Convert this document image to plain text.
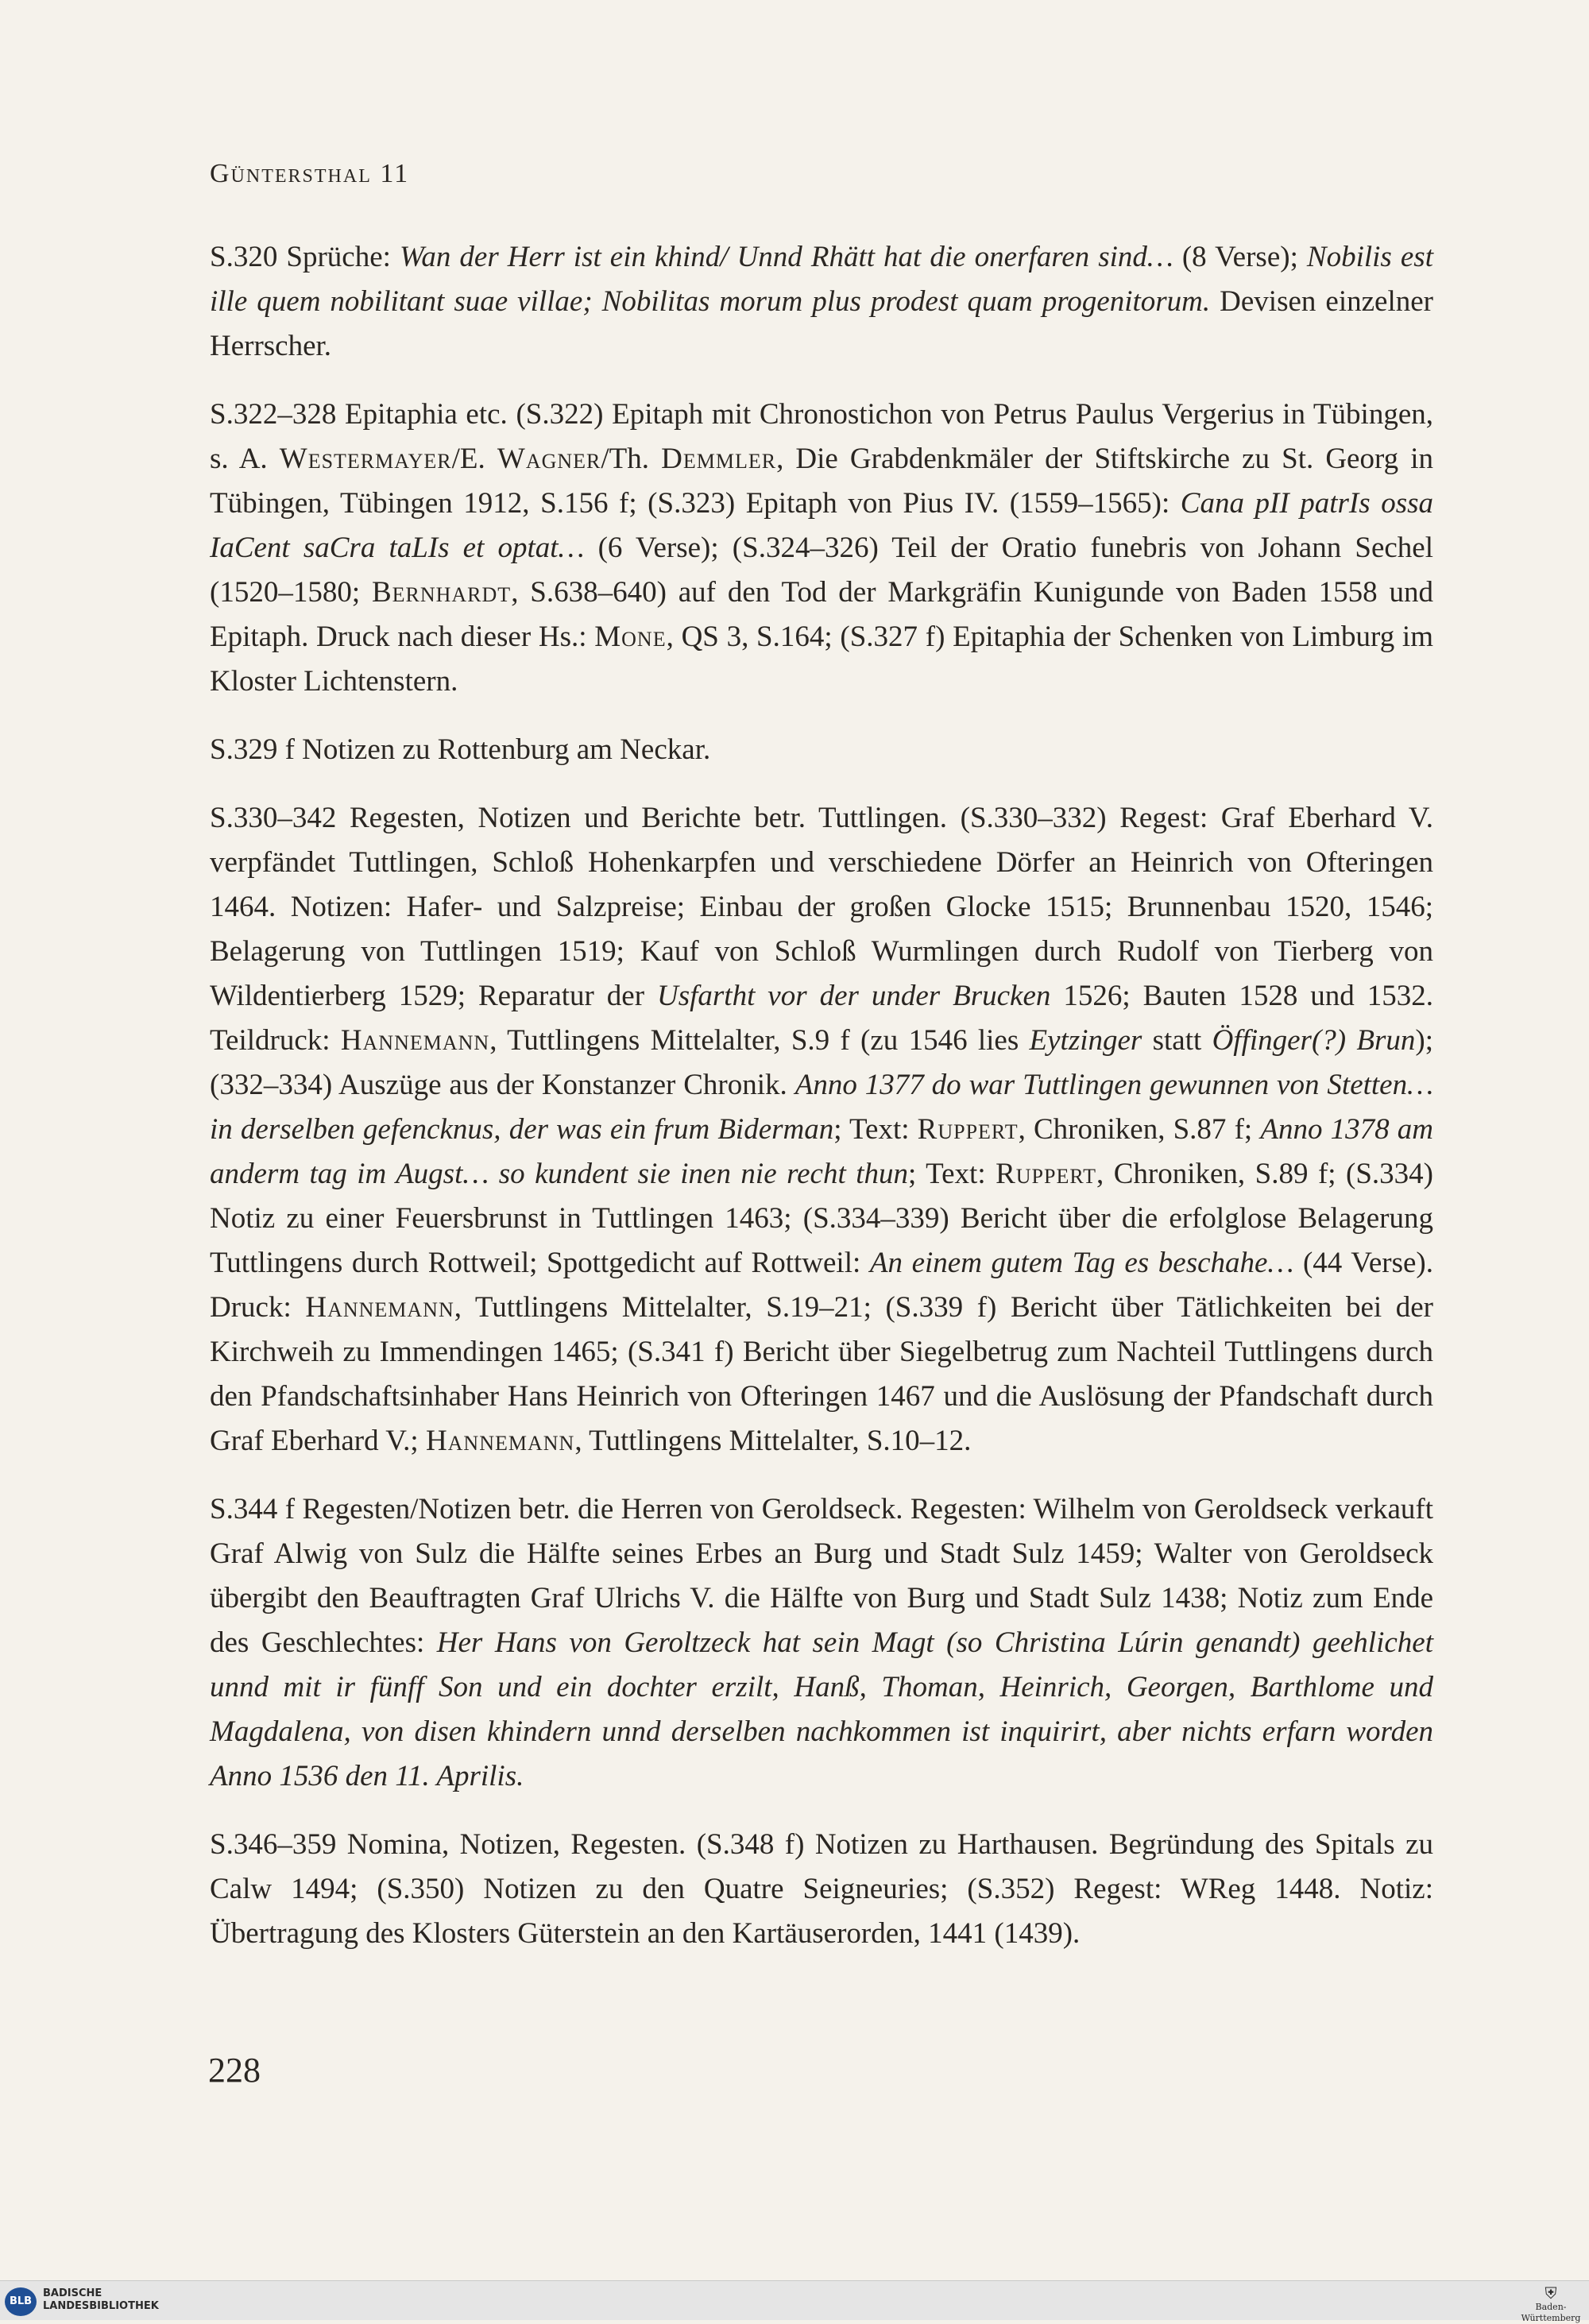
Güntersthal 11

S.320 Sprüche: Wan der Herr ist ein khind/ Unnd Rhätt hat die onerfaren sind… (8 Verse); Nobilis est ille quem nobilitant suae villae; Nobilitas morum plus prodest quam progenitorum. Devisen einzelner Herrscher.

S.322–328 Epitaphia etc. (S.322) Epitaph mit Chronostichon von Petrus Paulus Vergerius in Tübingen, s. A. Westermayer/E. Wagner/Th. Demmler, Die Grabdenkmäler der Stiftskirche zu St. Georg in Tübingen, Tübingen 1912, S.156 f; (S.323) Epitaph von Pius IV. (1559–1565): Cana pII patrIs ossa IaCent saCra taLIs et optat… (6 Verse); (S.324–326) Teil der Oratio funebris von Johann Sechel (1520–1580; Bernhardt, S.638–640) auf den Tod der Markgräfin Kunigunde von Baden 1558 und Epitaph. Druck nach dieser Hs.: Mone, QS 3, S.164; (S.327 f) Epitaphia der Schenken von Limburg im Kloster Lichtenstern.

S.329 f Notizen zu Rottenburg am Neckar.

S.330–342 Regesten, Notizen und Berichte betr. Tuttlingen. (S.330–332) Regest: Graf Eberhard V. verpfändet Tuttlingen, Schloß Hohenkarpfen und verschiedene Dörfer an Heinrich von Ofteringen 1464. Notizen: Hafer- und Salzpreise; Einbau der großen Glocke 1515; Brunnenbau 1520, 1546; Belagerung von Tuttlingen 1519; Kauf von Schloß Wurmlingen durch Rudolf von Tierberg von Wildentierberg 1529; Reparatur der Usfartht vor der under Brucken 1526; Bauten 1528 und 1532. Teildruck: Hannemann, Tuttlingens Mittelalter, S.9 f (zu 1546 lies Eytzinger statt Öffinger(?) Brun); (332–334) Auszüge aus der Konstanzer Chronik. Anno 1377 do war Tuttlingen gewunnen von Stetten… in derselben gefencknus, der was ein frum Biderman; Text: Ruppert, Chroniken, S.87 f; Anno 1378 am anderm tag im Augst… so kundent sie inen nie recht thun; Text: Ruppert, Chroniken, S.89 f; (S.334) Notiz zu einer Feuersbrunst in Tuttlingen 1463; (S.334–339) Bericht über die erfolglose Belagerung Tuttlingens durch Rottweil; Spottgedicht auf Rottweil: An einem gutem Tag es beschahe… (44 Verse). Druck: Hannemann, Tuttlingens Mittelalter, S.19–21; (S.339 f) Bericht über Tätlichkeiten bei der Kirchweih zu Immendingen 1465; (S.341 f) Bericht über Siegelbetrug zum Nachteil Tuttlingens durch den Pfandschaftsinhaber Hans Heinrich von Ofteringen 1467 und die Auslösung der Pfandschaft durch Graf Eberhard V.; Hannemann, Tuttlingens Mittelalter, S.10–12.

S.344 f Regesten/Notizen betr. die Herren von Geroldseck. Regesten: Wilhelm von Geroldseck verkauft Graf Alwig von Sulz die Hälfte seines Erbes an Burg und Stadt Sulz 1459; Walter von Geroldseck übergibt den Beauftragten Graf Ulrichs V. die Hälfte von Burg und Stadt Sulz 1438; Notiz zum Ende des Geschlechtes: Her Hans von Geroltzeck hat sein Magt (so Christina Lúrin genandt) geehlichet unnd mit ir fünff Son und ein dochter erzilt, Hanß, Thoman, Heinrich, Georgen, Barthlome und Magdalena, von disen khindern unnd derselben nachkommen ist inquirirt, aber nichts erfarn worden Anno 1536 den 11. Aprilis.

S.346–359 Nomina, Notizen, Regesten. (S.348 f) Notizen zu Harthausen. Begründung des Spitals zu Calw 1494; (S.350) Notizen zu den Quatre Seigneuries; (S.352) Regest: WReg 1448. Notiz: Übertragung des Klosters Güterstein an den Kartäuserorden, 1441 (1439).

228
BLB
BADISCHE
LANDESBIBLIOTHEK
⛨
Baden-Württemberg
